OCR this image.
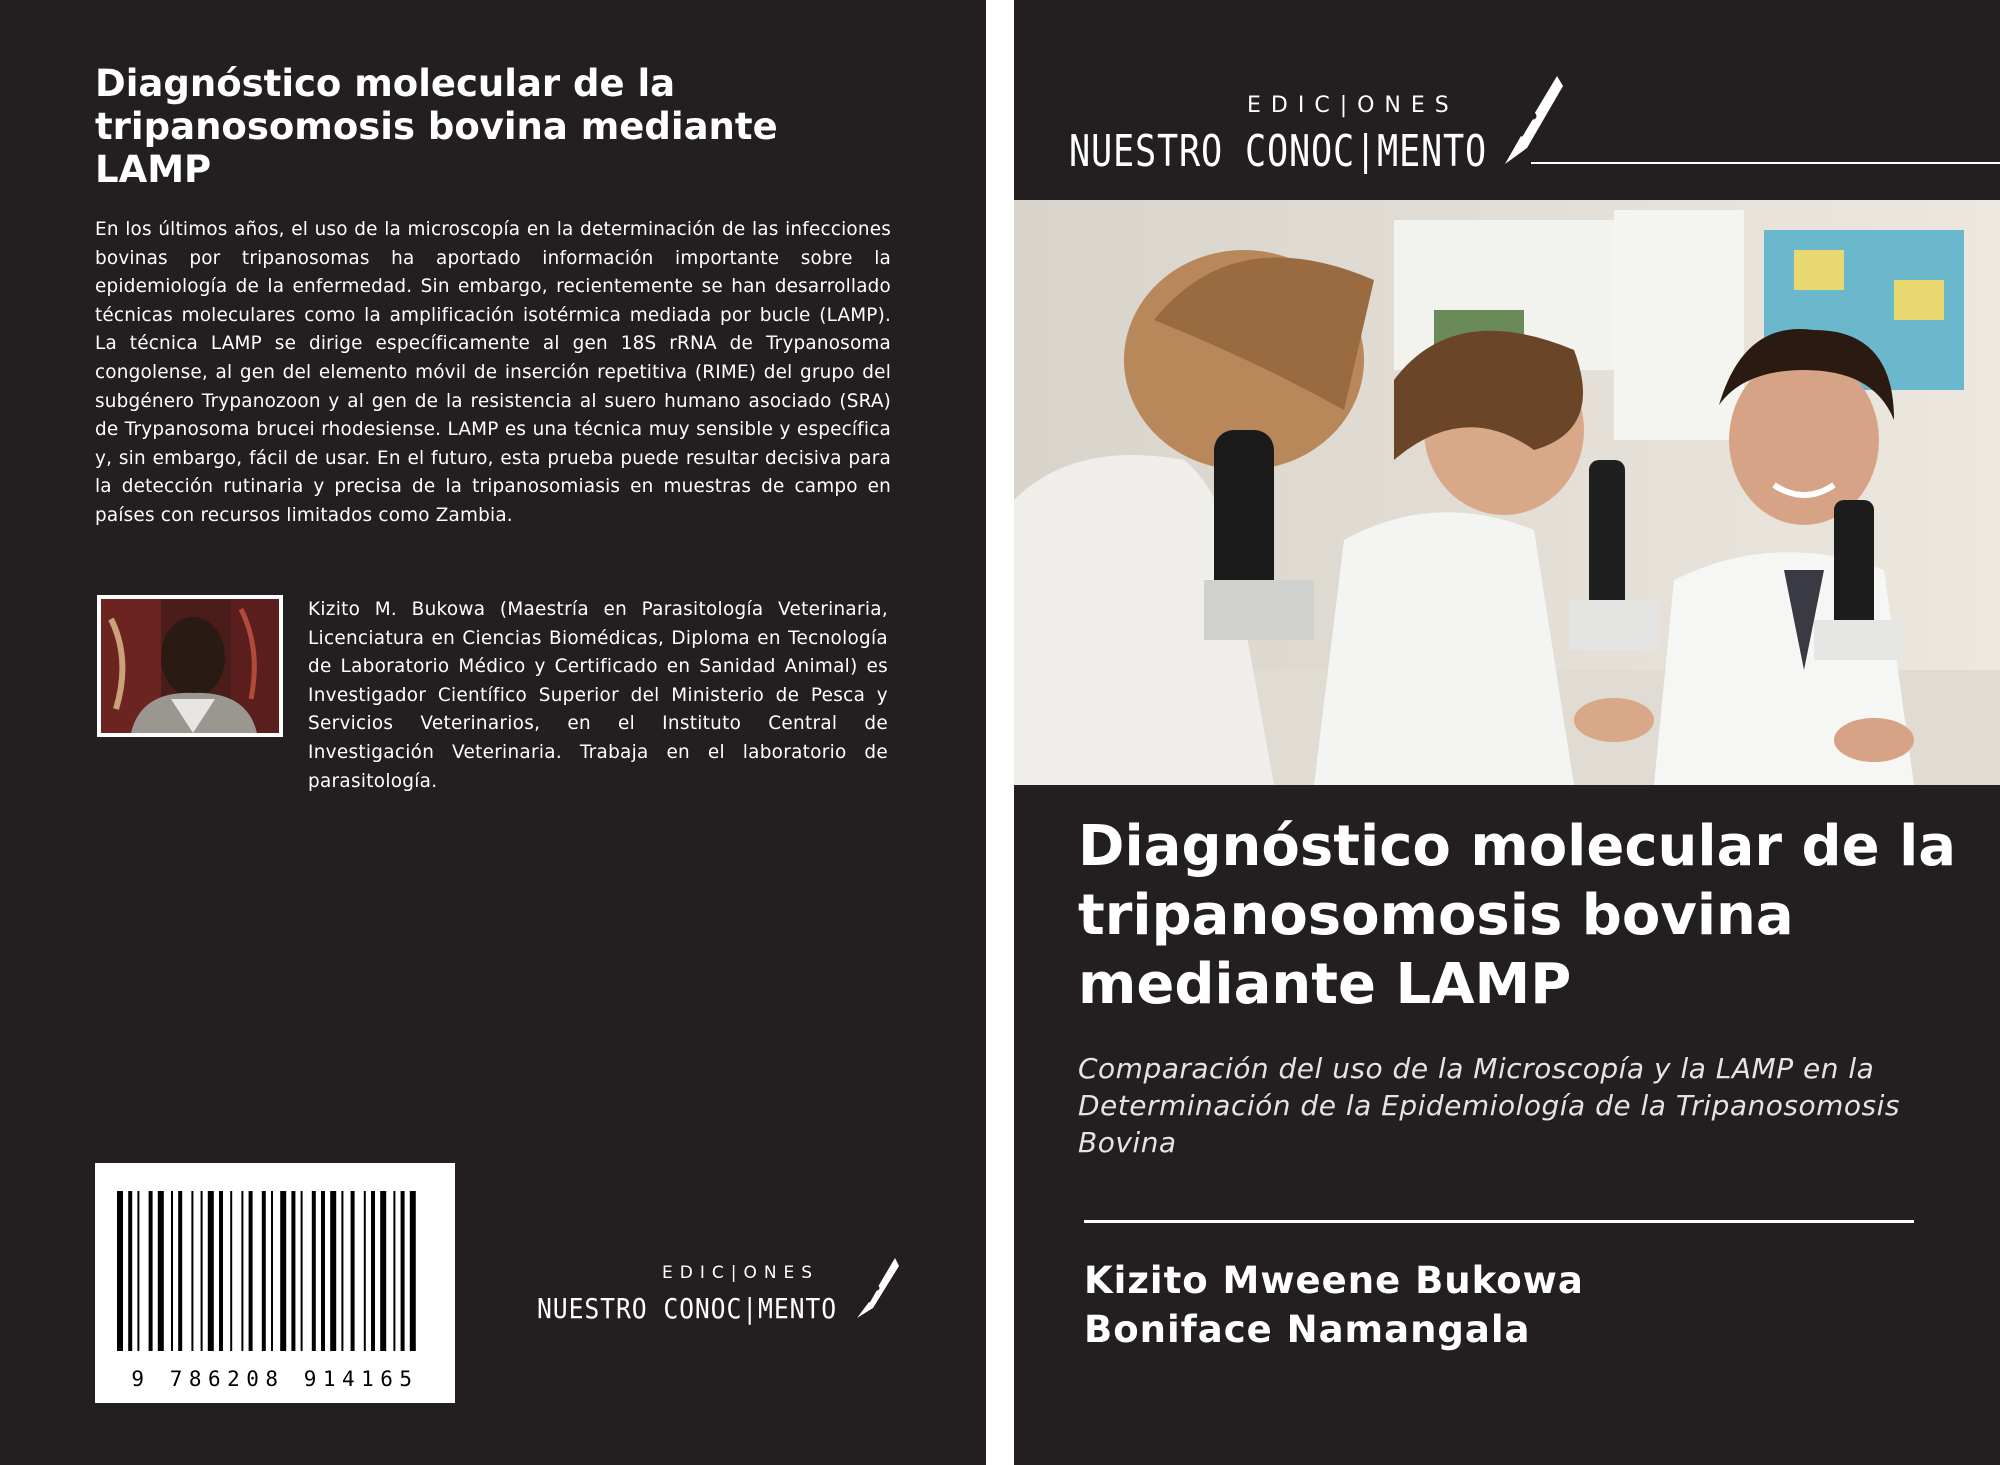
Diagnóstico molecular de la tripanosomosis bovina mediante LAMP

En los últimos años, el uso de la microscopía en la determinación de las infecciones bovinas por tripanosomas ha aportado información importante sobre la epidemiología de la enfermedad. Sin embargo, recientemente se han desarrollado técnicas moleculares como la amplificación isotérmica mediada por bucle (LAMP). La técnica LAMP se dirige específicamente al gen 18S rRNA de Trypanosoma congolense, al gen del elemento móvil de inserción repetitiva (RIME) del grupo del subgénero Trypanozoon y al gen de la resistencia al suero humano asociado (SRA) de Trypanosoma brucei rhodesiense. LAMP es una técnica muy sensible y específica y, sin embargo, fácil de usar. En el futuro, esta prueba puede resultar decisiva para la detección rutinaria y precisa de la tripanosomiasis en muestras de campo en países con recursos limitados como Zambia.

Kizito M. Bukowa (Maestría en Parasitología Veterinaria, Licenciatura en Ciencias Biomédicas, Diploma en Tecnología de Laboratorio Médico y Certificado en Sanidad Animal) es Investigador Científico Superior del Ministerio de Pesca y Servicios Veterinarios, en el Instituto Central de Investigación Veterinaria. Trabaja en el laboratorio de parasitología.

9 786208 914165
EDIC|ONES
NUESTRO CONOC|MENTO
EDIC|ONES
NUESTRO CONOC|MENTO
Diagnóstico molecular de la tripanosomosis bovina mediante LAMP
Comparación del uso de la Microscopía y la LAMP en la Determinación de la Epidemiología de la Tripanosomosis Bovina
Kizito Mweene Bukowa
Boniface Namangala
